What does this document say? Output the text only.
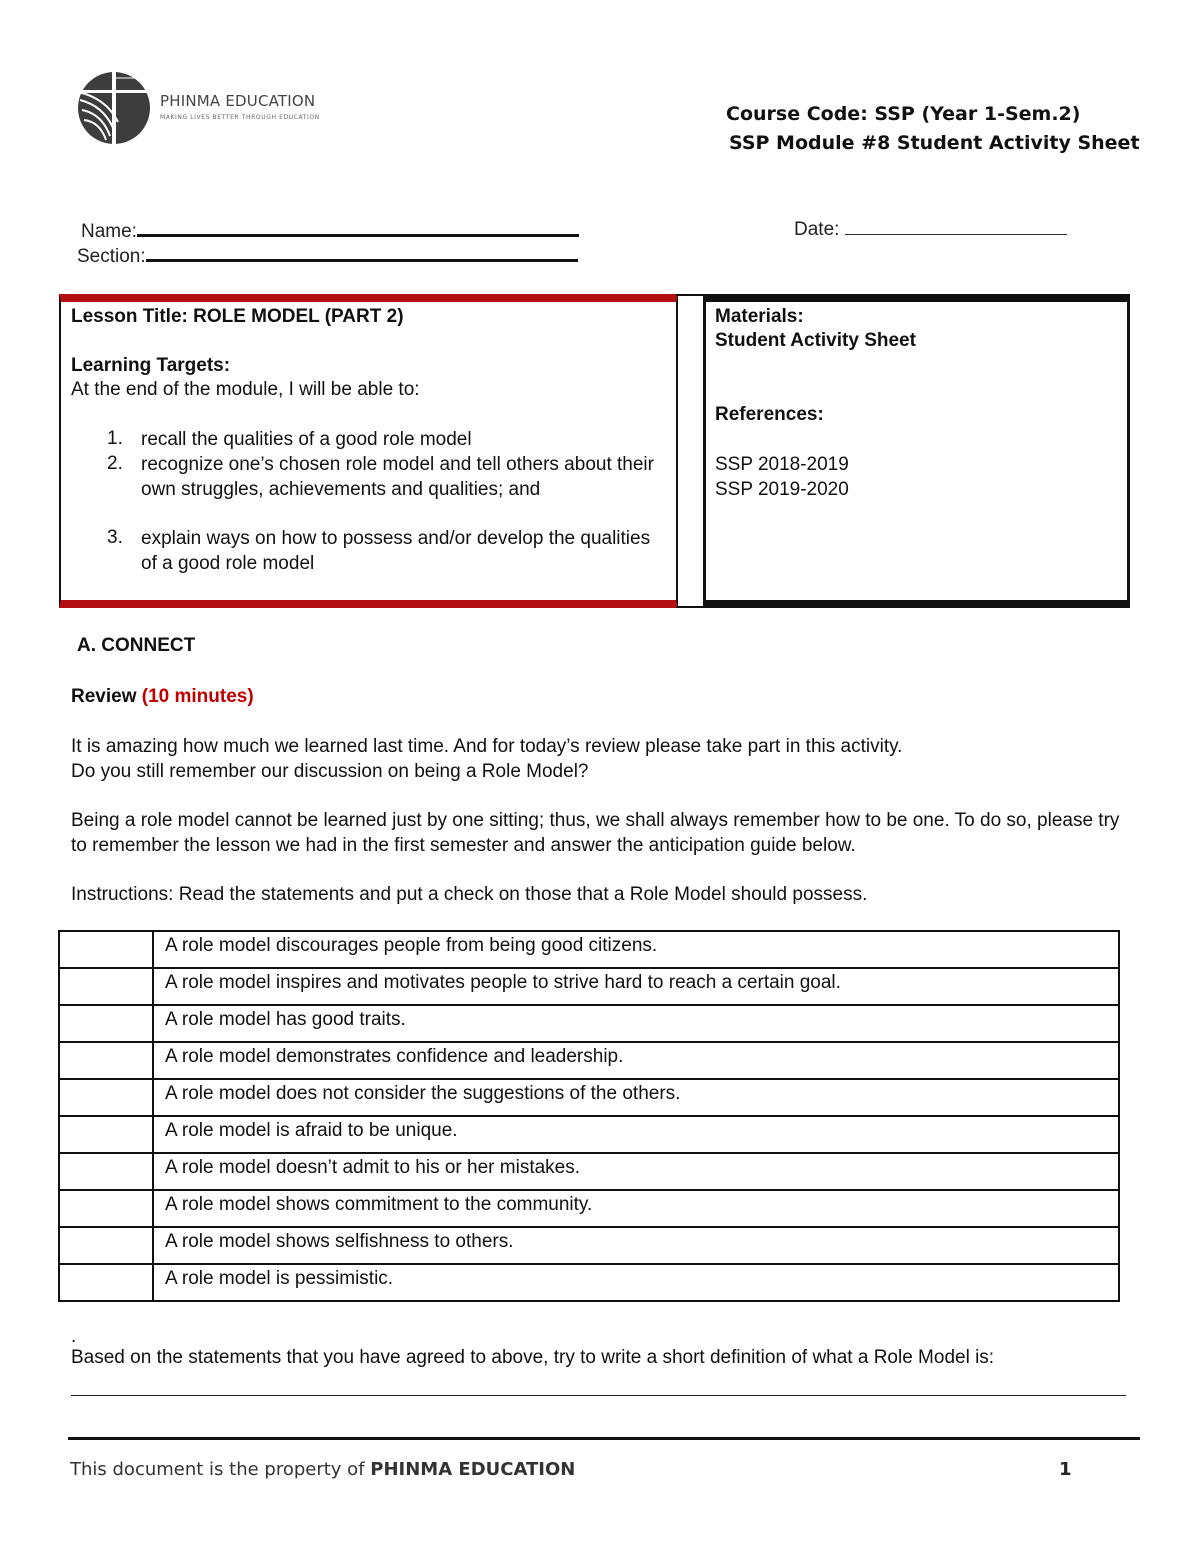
PHINMA EDUCATION
MAKING LIVES BETTER THROUGH EDUCATION	Course Code: SSP (Year 1-Sem.2)
SSP Module #8 Student Activity Sheet
Name:
Section:
Date:
Lesson Title: ROLE MODEL (PART 2)
Learning Targets:
At the end of the module, I will be able to:
1. recall the qualities of a good role model
2. recognize one’s chosen role model and tell others about their own struggles, achievements and qualities; and
3. explain ways on how to possess and/or develop the qualities of a good role model
Materials:
Student Activity Sheet
References:
SSP 2018-2019
SSP 2019-2020
A. CONNECT
Review (10 minutes)
It is amazing how much we learned last time. And for today’s review please take part in this activity.
Do you still remember our discussion on being a Role Model?
Being a role model cannot be learned just by one sitting; thus, we shall always remember how to be one. To do so, please try to remember the lesson we had in the first semester and answer the anticipation guide below.
Instructions: Read the statements and put a check on those that a Role Model should possess.
	A role model discourages people from being good citizens.
	A role model inspires and motivates people to strive hard to reach a certain goal.
	A role model has good traits.
	A role model demonstrates confidence and leadership.
	A role model does not consider the suggestions of the others.
	A role model is afraid to be unique.
	A role model doesn’t admit to his or her mistakes.
	A role model shows commitment to the community.
	A role model shows selfishness to others.
	A role model is pessimistic.
.
Based on the statements that you have agreed to above, try to write a short definition of what a Role Model is:
This document is the property of PHINMA EDUCATION	1
